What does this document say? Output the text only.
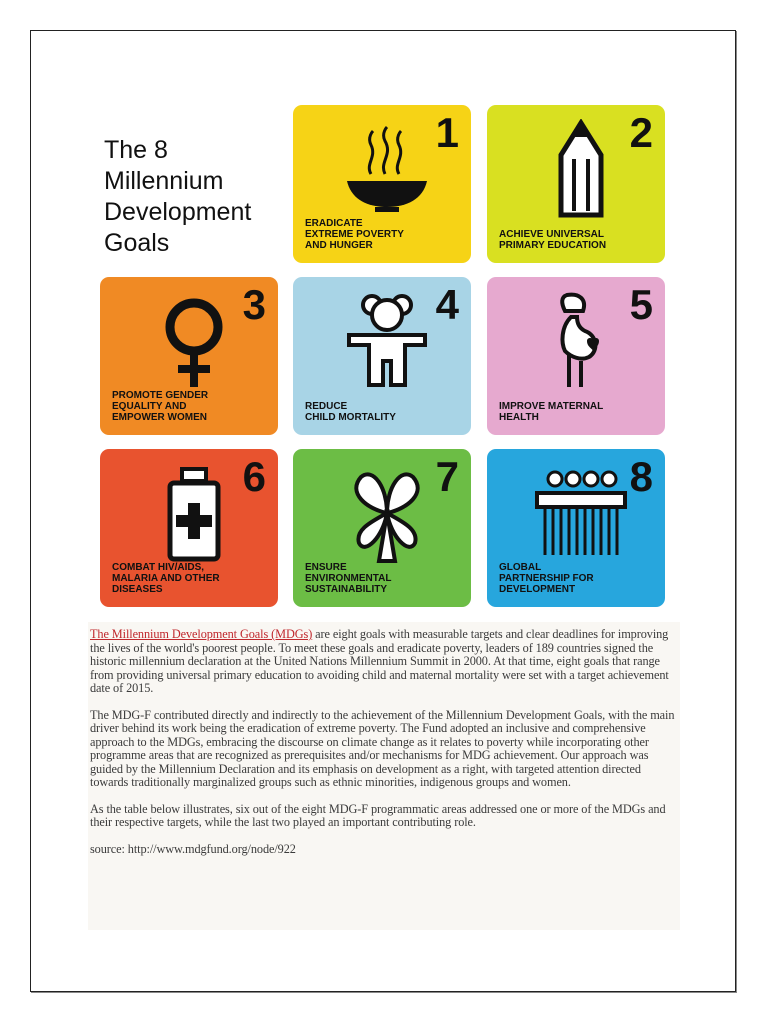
The 8
Millennium
Development
Goals
1
ERADICATE
EXTREME POVERTY
AND HUNGER
2
ACHIEVE UNIVERSAL
PRIMARY EDUCATION
3
PROMOTE GENDER
EQUALITY AND
EMPOWER WOMEN
4
REDUCE
CHILD MORTALITY
5
IMPROVE MATERNAL
HEALTH
6
COMBAT HIV/AIDS,
MALARIA AND OTHER
DISEASES
7
ENSURE
ENVIRONMENTAL
SUSTAINABILITY
8
GLOBAL
PARTNERSHIP FOR
DEVELOPMENT

The Millennium Development Goals (MDGs) are eight goals with measurable targets and clear deadlines for improving the lives of the world's poorest people. To meet these goals and eradicate poverty, leaders of 189 countries signed the historic millennium declaration at the United Nations Millennium Summit in 2000. At that time, eight goals that range from providing universal primary education to avoiding child and maternal mortality were set with a target achievement date of 2015.

The MDG-F contributed directly and indirectly to the achievement of the Millennium Development Goals, with the main driver behind its work being the eradication of extreme poverty. The Fund adopted an inclusive and comprehensive approach to the MDGs, embracing the discourse on climate change as it relates to poverty while incorporating other programme areas that are recognized as prerequisites and/or mechanisms for MDG achievement. Our approach was guided by the Millennium Declaration and its emphasis on development as a right, with targeted attention directed towards traditionally marginalized groups such as ethnic minorities, indigenous groups and women.

As the table below illustrates, six out of the eight MDG-F programmatic areas addressed one or more of the MDGs and their respective targets, while the last two played an important contributing role.

source: http://www.mdgfund.org/node/922
